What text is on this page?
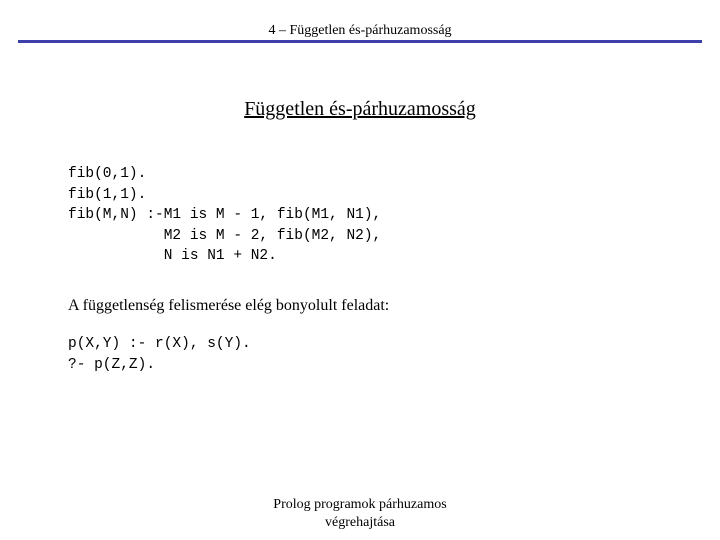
4 – Független és-párhuzamosság
Független és-párhuzamosság
fib(0,1).
fib(1,1).
fib(M,N) :-M1 is M - 1, fib(M1, N1),
M2 is M - 2, fib(M2, N2),
N is N1 + N2.
A függetlenség felismerése elég bonyolult feladat:
p(X,Y) :- r(X), s(Y).
?- p(Z,Z).
Prolog programok párhuzamos
végrehajtása
